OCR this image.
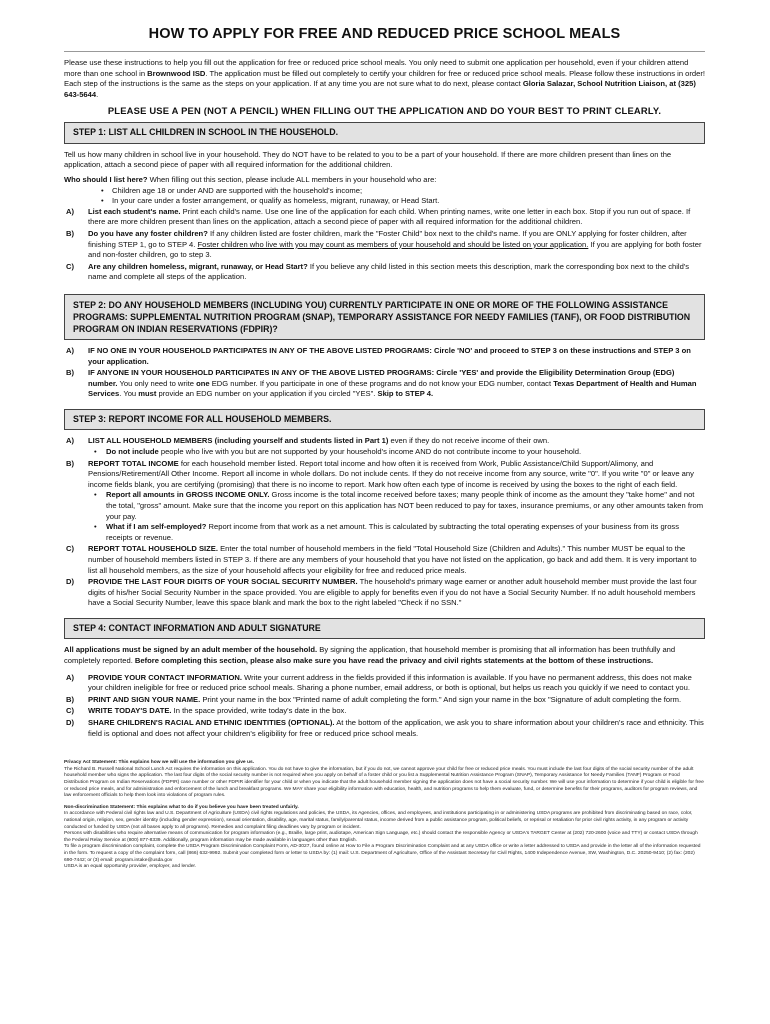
HOW TO APPLY FOR FREE AND REDUCED PRICE SCHOOL MEALS
Please use these instructions to help you fill out the application for free or reduced price school meals. You only need to submit one application per household, even if your children attend more than one school in Brownwood ISD. The application must be filled out completely to certify your children for free or reduced price school meals. Please follow these instructions in order! Each step of the instructions is the same as the steps on your application. If at any time you are not sure what to do next, please contact Gloria Salazar, School Nutrition Liaison, at (325) 643-5644.
PLEASE USE A PEN (NOT A PENCIL) WHEN FILLING OUT THE APPLICATION AND DO YOUR BEST TO PRINT CLEARLY.
STEP 1: LIST ALL CHILDREN IN SCHOOL IN THE HOUSEHOLD.
Tell us how many children in school live in your household. They do NOT have to be related to you to be a part of your household. If there are more children present than lines on the application, attach a second piece of paper with all required information for the additional children.
Who should I list here? When filling out this section, please include ALL members in your household who are:
• Children age 18 or under AND are supported with the household's income;
• In your care under a foster arrangement, or qualify as homeless, migrant, runaway, or Head Start.
A)	List each student's name. Print each child's name. Use one line of the application for each child. When printing names, write one letter in each box. Stop if you run out of space. If there are more children present than lines on the application, attach a second piece of paper with all required information for the additional children.
B)	Do you have any foster children? If any children listed are foster children, mark the "Foster Child" box next to the child's name. If you are ONLY applying for foster children, after finishing STEP 1, go to STEP 4. Foster children who live with you may count as members of your household and should be listed on your application. If you are applying for both foster and non-foster children, go to step 3.
C)	Are any children homeless, migrant, runaway, or Head Start? If you believe any child listed in this section meets this description, mark the corresponding box next to the child's name and complete all steps of the application.
STEP 2: DO ANY HOUSEHOLD MEMBERS (INCLUDING YOU) CURRENTLY PARTICIPATE IN ONE OR MORE OF THE FOLLOWING ASSISTANCE PROGRAMS: SUPPLEMENTAL NUTRITION PROGRAM (SNAP), TEMPORARY ASSISTANCE FOR NEEDY FAMILIES (TANF), OR FOOD DISTRIBUTION PROGRAM ON INDIAN RESERVATIONS (FDPIR)?
A)	IF NO ONE IN YOUR HOUSEHOLD PARTICIPATES IN ANY OF THE ABOVE LISTED PROGRAMS: Circle 'NO' and proceed to STEP 3 on these instructions and STEP 3 on your application.
B)	IF ANYONE IN YOUR HOUSEHOLD PARTICIPATES IN ANY OF THE ABOVE LISTED PROGRAMS: Circle 'YES' and provide the Eligibility Determination Group (EDG) number. You only need to write one EDG number. If you participate in one of these programs and do not know your EDG number, contact Texas Department of Health and Human Services. You must provide an EDG number on your application if you circled "YES". Skip to STEP 4.
STEP 3: REPORT INCOME FOR ALL HOUSEHOLD MEMBERS.
A)	LIST ALL HOUSEHOLD MEMBERS (including yourself and students listed in Part 1) even if they do not receive income of their own.
• Do not include people who live with you but are not supported by your household's income AND do not contribute income to your household.
B)	REPORT TOTAL INCOME for each household member listed. Report total income and how often it is received from Work, Public Assistance/Child Support/Alimony, and Pensions/Retirement/All Other Income. Report all income in whole dollars. Do not include cents. If they do not receive income from any source, write "0". If you write "0" or leave any income fields blank, you are certifying (promising) that there is no income to report. Mark how often each type of income is received by using the boxes to the right of each field.
• Report all amounts in GROSS INCOME ONLY. Gross income is the total income received before taxes; many people think of income as the amount they "take home" and not the total, "gross" amount. Make sure that the income you report on this application has NOT been reduced to pay for taxes, insurance premiums, or any other amounts taken from your pay.
• What if I am self-employed? Report income from that work as a net amount. This is calculated by subtracting the total operating expenses of your business from its gross receipts or revenue.
C)	REPORT TOTAL HOUSEHOLD SIZE. Enter the total number of household members in the field "Total Household Size (Children and Adults)." This number MUST be equal to the number of household members listed in STEP 3. If there are any members of your household that you have not listed on the application, go back and add them. It is very important to list all household members, as the size of your household affects your eligibility for free and reduced price meals.
D)	PROVIDE THE LAST FOUR DIGITS OF YOUR SOCIAL SECURITY NUMBER. The household's primary wage earner or another adult household member must provide the last four digits of his/her Social Security Number in the space provided. You are eligible to apply for benefits even if you do not have a Social Security Number. If no adult household members have a Social Security Number, leave this space blank and mark the box to the right labeled "Check if no SSN."
STEP 4: CONTACT INFORMATION AND ADULT SIGNATURE
All applications must be signed by an adult member of the household. By signing the application, that household member is promising that all information has been truthfully and completely reported. Before completing this section, please also make sure you have read the privacy and civil rights statements at the bottom of these instructions.
A)	PROVIDE YOUR CONTACT INFORMATION. Write your current address in the fields provided if this information is available. If you have no permanent address, this does not make your children ineligible for free or reduced price school meals. Sharing a phone number, email address, or both is optional, but helps us reach you quickly if we need to contact you.
B)	PRINT AND SIGN YOUR NAME. Print your name in the box "Printed name of adult completing the form." And sign your name in the box "Signature of adult completing the form.
C)	WRITE TODAY'S DATE. In the space provided, write today's date in the box.
D)	SHARE CHILDREN'S RACIAL AND ETHNIC IDENTITIES (OPTIONAL). At the bottom of the application, we ask you to share information about your children's race and ethnicity. This field is optional and does not affect your children's eligibility for free or reduced price school meals.
Privacy Act Statement: This explains how we will use the information you give us.
The Richard B. Russell National School Lunch Act requires the information on this application. You do not have to give the information, but if you do not, we cannot approve your child for free or reduced price meals. You must include the last four digits of the social security number of the adult household member who signs the application. The last four digits of the social security number is not required when you apply on behalf of a foster child or you list a Supplemental Nutrition Assistance Program (SNAP), Temporary Assistance for Needy Families (TANF) Program or Food Distribution Program on Indian Reservations (FDPIR) case number or other FDPIR identifier for your child or when you indicate that the adult household member signing the application does not have a social security number. We will use your information to determine if your child is eligible for free or reduced price meals, and for administration and enforcement of the lunch and breakfast programs. We MAY share your eligibility information with education, health, and nutrition programs to help them evaluate, fund, or determine benefits for their programs, auditors for program reviews, and law enforcement officials to help them look into violations of program rules.
Non-discrimination Statement: This explains what to do if you believe you have been treated unfairly.
In accordance with Federal civil rights law and U.S. Department of Agriculture (USDA) civil rights regulations and policies, the USDA, its Agencies, offices, and employees, and institutions participating in or administering USDA programs are prohibited from discriminating based on race, color, national origin, religion, sex, gender identity (including gender expression), sexual orientation, disability, age, marital status, family/parental status, income derived from a public assistance program, political beliefs, or reprisal or retaliation for prior civil rights activity, in any program or activity conducted or funded by USDA (not all bases apply to all programs). Remedies and complaint filing deadlines vary by program or incident.
Persons with disabilities who require alternative means of communication for program information (e.g., Braille, large print, audiotape, American Sign Language, etc.) should contact the responsible Agency or USDA's TARGET Center at (202) 720-2600 (voice and TTY) or contact USDA through the Federal Relay Service at (800) 877-8339. Additionally, program information may be made available in languages other than English.
To file a program discrimination complaint, complete the USDA Program Discrimination Complaint Form, AD-3027, found online at How to File a Program Discrimination Complaint and at any USDA office or write a letter addressed to USDA and provide in the letter all of the information requested in the form. To request a copy of the complaint form, call (866) 632-9992. Submit your completed form or letter to USDA by: (1) mail: U.S. Department of Agriculture, Office of the Assistant Secretary for Civil Rights, 1400 Independence Avenue, SW, Washington, D.C. 20250-9410; (2) fax: (202) 690-7442; or (3) email: program.intake@usda.gov
USDA is an equal opportunity provider, employer, and lender.
